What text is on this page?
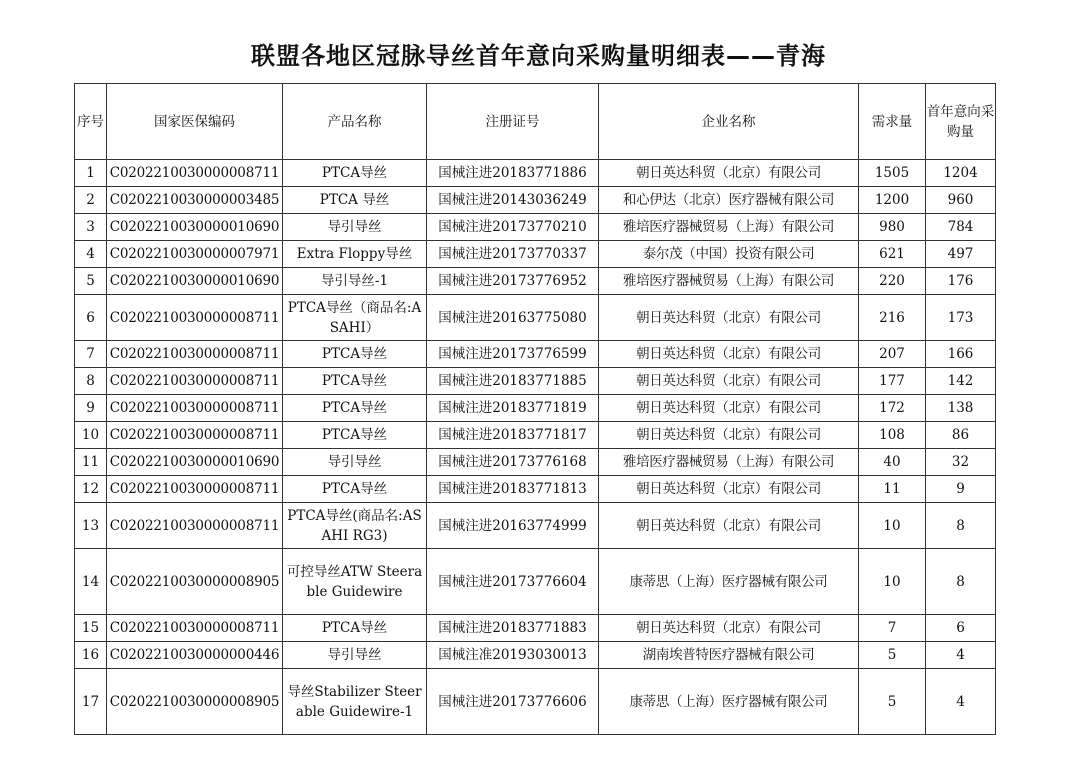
联盟各地区冠脉导丝首年意向采购量明细表——青海
序号	国家医保编码	产品名称	注册证号	企业名称	需求量	首年意向采购量
1	C0202210030000008711	PTCA导丝	国械注进20183771886	朝日英达科贸（北京）有限公司	1505	1204
2	C0202210030000003485	PTCA 导丝	国械注进20143036249	和心伊达（北京）医疗器械有限公司	1200	960
3	C0202210030000010690	导引导丝	国械注进20173770210	雅培医疗器械贸易（上海）有限公司	980	784
4	C0202210030000007971	Extra Floppy导丝	国械注进20173770337	泰尔茂（中国）投资有限公司	621	497
5	C0202210030000010690	导引导丝-1	国械注进20173776952	雅培医疗器械贸易（上海）有限公司	220	176
6	C0202210030000008711	PTCA导丝（商品名:ASAHI）	国械注进20163775080	朝日英达科贸（北京）有限公司	216	173
7	C0202210030000008711	PTCA导丝	国械注进20173776599	朝日英达科贸（北京）有限公司	207	166
8	C0202210030000008711	PTCA导丝	国械注进20183771885	朝日英达科贸（北京）有限公司	177	142
9	C0202210030000008711	PTCA导丝	国械注进20183771819	朝日英达科贸（北京）有限公司	172	138
10	C0202210030000008711	PTCA导丝	国械注进20183771817	朝日英达科贸（北京）有限公司	108	86
11	C0202210030000010690	导引导丝	国械注进20173776168	雅培医疗器械贸易（上海）有限公司	40	32
12	C0202210030000008711	PTCA导丝	国械注进20183771813	朝日英达科贸（北京）有限公司	11	9
13	C0202210030000008711	PTCA导丝(商品名:ASAHI RG3)	国械注进20163774999	朝日英达科贸（北京）有限公司	10	8
14	C0202210030000008905	可控导丝ATW Steerable Guidewire	国械注进20173776604	康蒂思（上海）医疗器械有限公司	10	8
15	C0202210030000008711	PTCA导丝	国械注进20183771883	朝日英达科贸（北京）有限公司	7	6
16	C0202210030000000446	导引导丝	国械注准20193030013	湖南埃普特医疗器械有限公司	5	4
17	C0202210030000008905	导丝Stabilizer Steerable Guidewire-1	国械注进20173776606	康蒂思（上海）医疗器械有限公司	5	4
